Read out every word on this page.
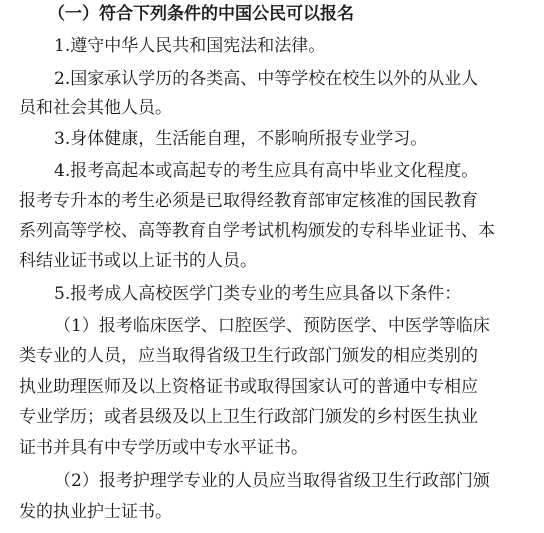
（一）符合下列条件的中国公民可以报名
1.遵守中华人民共和国宪法和法律。
2.国家承认学历的各类高、中等学校在校生以外的从业人
员和社会其他人员。
3.身体健康，生活能自理，不影响所报专业学习。
4.报考高起本或高起专的考生应具有高中毕业文化程度。
报考专升本的考生必须是已取得经教育部审定核准的国民教育
系列高等学校、高等教育自学考试机构颁发的专科毕业证书、本
科结业证书或以上证书的人员。
5.报考成人高校医学门类专业的考生应具备以下条件：
（1）报考临床医学、口腔医学、预防医学、中医学等临床
类专业的人员，应当取得省级卫生行政部门颁发的相应类别的
执业助理医师及以上资格证书或取得国家认可的普通中专相应
专业学历；或者县级及以上卫生行政部门颁发的乡村医生执业
证书并具有中专学历或中专水平证书。
（2）报考护理学专业的人员应当取得省级卫生行政部门颁
发的执业护士证书。
